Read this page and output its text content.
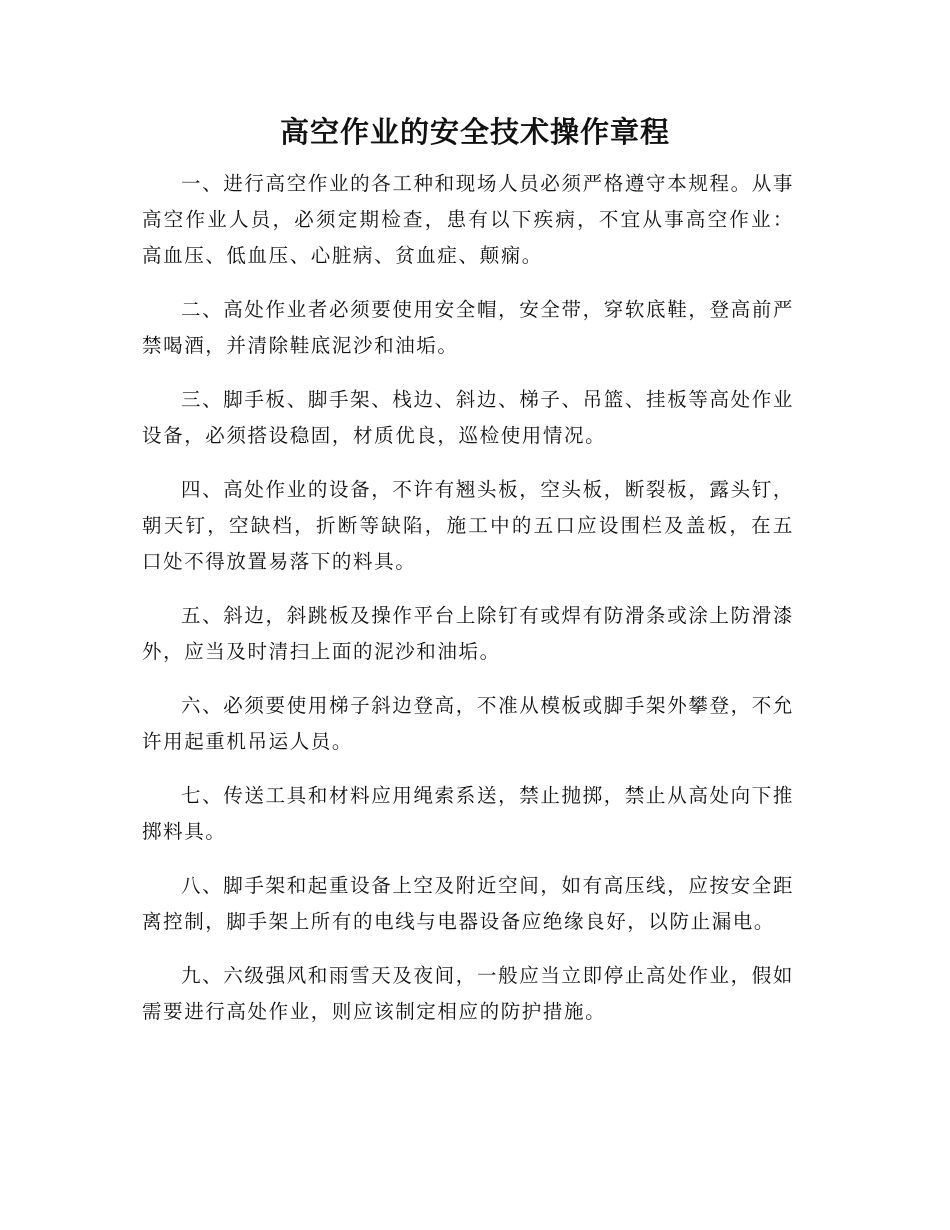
高空作业的安全技术操作章程

一、进行高空作业的各工种和现场人员必须严格遵守本规程。从事高空作业人员，必须定期检查，患有以下疾病，不宜从事高空作业：高血压、低血压、心脏病、贫血症、颠痫。

二、高处作业者必须要使用安全帽，安全带，穿软底鞋，登高前严禁喝酒，并清除鞋底泥沙和油垢。

三、脚手板、脚手架、栈边、斜边、梯子、吊篮、挂板等高处作业设备，必须搭设稳固，材质优良，巡检使用情况。

四、高处作业的设备，不许有翘头板，空头板，断裂板，露头钉，朝天钉，空缺档，折断等缺陷，施工中的五口应设围栏及盖板，在五口处不得放置易落下的料具。

五、斜边，斜跳板及操作平台上除钉有或焊有防滑条或涂上防滑漆外，应当及时清扫上面的泥沙和油垢。

六、必须要使用梯子斜边登高，不准从模板或脚手架外攀登，不允许用起重机吊运人员。

七、传送工具和材料应用绳索系送，禁止抛掷，禁止从高处向下推掷料具。

八、脚手架和起重设备上空及附近空间，如有高压线，应按安全距离控制，脚手架上所有的电线与电器设备应绝缘良好，以防止漏电。

九、六级强风和雨雪天及夜间，一般应当立即停止高处作业，假如需要进行高处作业，则应该制定相应的防护措施。
